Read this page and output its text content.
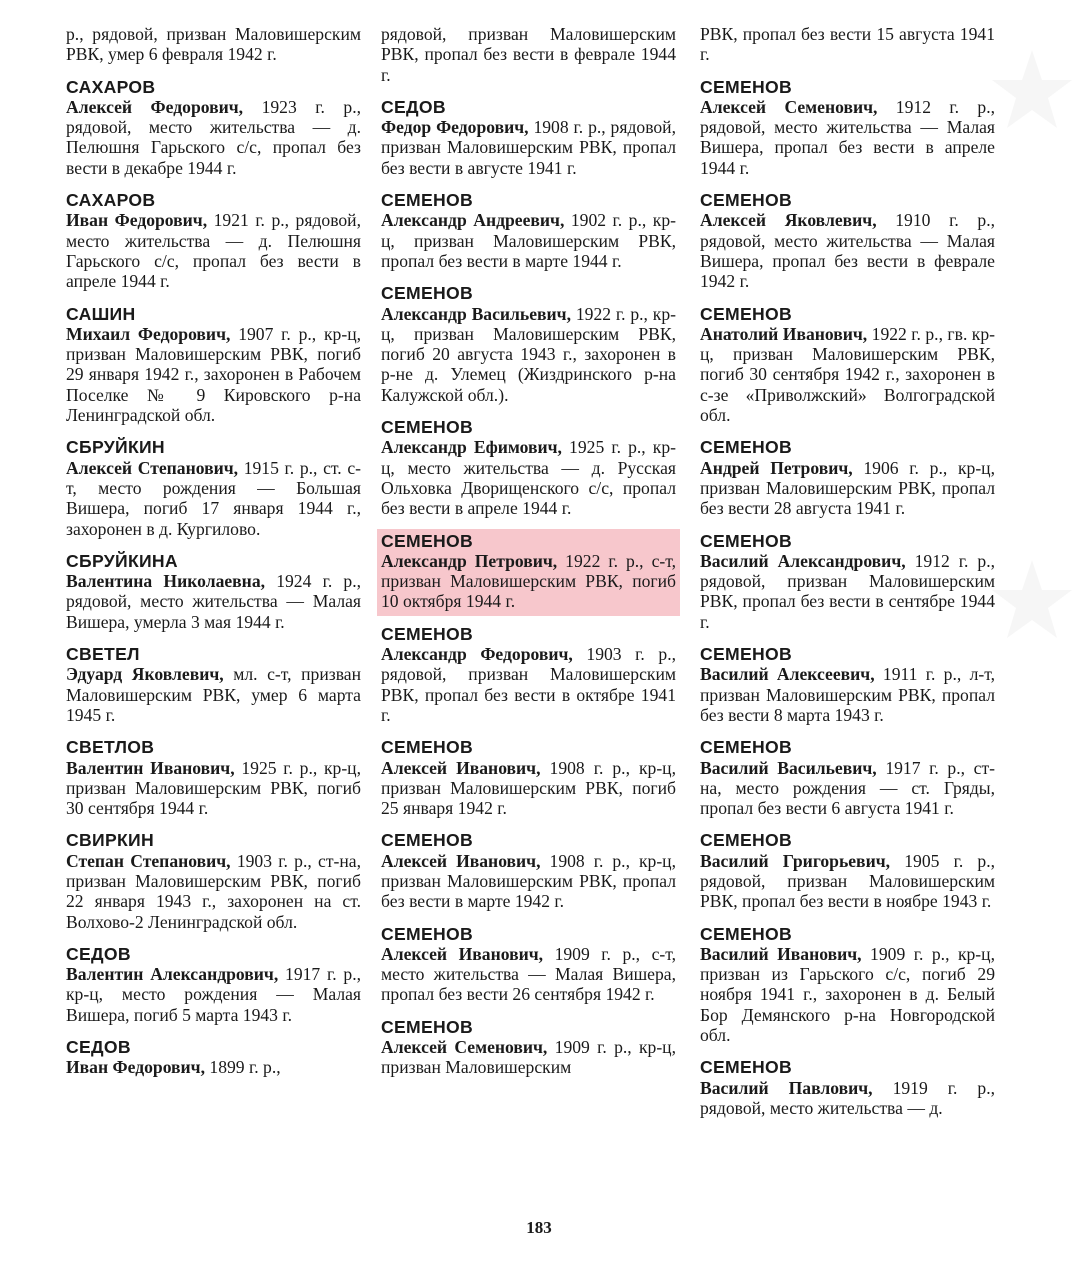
р., рядовой, призван Маловишерским РВК, умер 6 февраля 1942 г.

САХАРОВ

Алексей Федорович, 1923 г. р., рядовой, место жительства — д. Пелюшня Гарьского с/с, пропал без вести в декабре 1944 г.

САХАРОВ

Иван Федорович, 1921 г. р., рядовой, место жительства — д. Пелюшня Гарьского с/с, пропал без вести в апреле 1944 г.

САШИН

Михаил Федорович, 1907 г. р., кр-ц, призван Маловишерским РВК, погиб 29 января 1942 г., захоронен в Рабочем Поселке № 9 Кировского р-на Ленинградской обл.

СБРУЙКИН

Алексей Степанович, 1915 г. р., ст. с-т, место рождения — Большая Вишера, погиб 17 января 1944 г., захоронен в д. Кургилово.

СБРУЙКИНА

Валентина Николаевна, 1924 г. р., рядовой, место жительства — Малая Вишера, умерла 3 мая 1944 г.

СВЕТЕЛ

Эдуард Яковлевич, мл. с-т, призван Маловишерским РВК, умер 6 марта 1945 г.

СВЕТЛОВ

Валентин Иванович, 1925 г. р., кр-ц, призван Маловишерским РВК, погиб 30 сентября 1944 г.

СВИРКИН

Степан Степанович, 1903 г. р., ст-на, призван Маловишерским РВК, погиб 22 января 1943 г., захоронен на ст. Волхово-2 Ленинградской обл.

СЕДОВ

Валентин Александрович, 1917 г. р., кр-ц, место рождения — Малая Вишера, погиб 5 марта 1943 г.

СЕДОВ

Иван Федорович, 1899 г. р.,

рядовой, призван Маловишерским РВК, пропал без вести в феврале 1944 г.

СЕДОВ

Федор Федорович, 1908 г. р., рядовой, призван Маловишерским РВК, пропал без вести в августе 1941 г.

СЕМЕНОВ

Александр Андреевич, 1902 г. р., кр-ц, призван Маловишерским РВК, пропал без вести в марте 1944 г.

СЕМЕНОВ

Александр Васильевич, 1922 г. р., кр-ц, призван Маловишерским РВК, погиб 20 августа 1943 г., захоронен в р-не д. Улемец (Жиздринского р-на Калужской обл.).

СЕМЕНОВ

Александр Ефимович, 1925 г. р., кр-ц, место жительства — д. Русская Ольховка Дворищенского с/с, пропал без вести в апреле 1944 г.

СЕМЕНОВ

Александр Петрович, 1922 г. р., с-т, призван Маловишерским РВК, погиб 10 октября 1944 г.

СЕМЕНОВ

Александр Федорович, 1903 г. р., рядовой, призван Маловишерским РВК, пропал без вести в октябре 1941 г.

СЕМЕНОВ

Алексей Иванович, 1908 г. р., кр-ц, призван Маловишерским РВК, погиб 25 января 1942 г.

СЕМЕНОВ

Алексей Иванович, 1908 г. р., кр-ц, призван Маловишерским РВК, пропал без вести в марте 1942 г.

СЕМЕНОВ

Алексей Иванович, 1909 г. р., с-т, место жительства — Малая Вишера, пропал без вести 26 сентября 1942 г.

СЕМЕНОВ

Алексей Семенович, 1909 г. р., кр-ц, призван Маловишерским

РВК, пропал без вести 15 августа 1941 г.

СЕМЕНОВ

Алексей Семенович, 1912 г. р., рядовой, место жительства — Малая Вишера, пропал без вести в апреле 1944 г.

СЕМЕНОВ

Алексей Яковлевич, 1910 г. р., рядовой, место жительства — Малая Вишера, пропал без вести в феврале 1942 г.

СЕМЕНОВ

Анатолий Иванович, 1922 г. р., гв. кр-ц, призван Маловишерским РВК, погиб 30 сентября 1942 г., захоронен в с-зе «Приволжский» Волгоградской обл.

СЕМЕНОВ

Андрей Петрович, 1906 г. р., кр-ц, призван Маловишерским РВК, пропал без вести 28 августа 1941 г.

СЕМЕНОВ

Василий Александрович, 1912 г. р., рядовой, призван Маловишерским РВК, пропал без вести в сентябре 1944 г.

СЕМЕНОВ

Василий Алексеевич, 1911 г. р., л-т, призван Маловишерским РВК, пропал без вести 8 марта 1943 г.

СЕМЕНОВ

Василий Васильевич, 1917 г. р., ст-на, место рождения — ст. Гряды, пропал без вести 6 августа 1941 г.

СЕМЕНОВ

Василий Григорьевич, 1905 г. р., рядовой, призван Маловишерским РВК, пропал без вести в ноябре 1943 г.

СЕМЕНОВ

Василий Иванович, 1909 г. р., кр-ц, призван из Гарьского с/с, погиб 29 ноября 1941 г., захоронен в д. Белый Бор Демянского р-на Новгородской обл.

СЕМЕНОВ

Василий Павлович, 1919 г. р., рядовой, место жительства — д.

183
